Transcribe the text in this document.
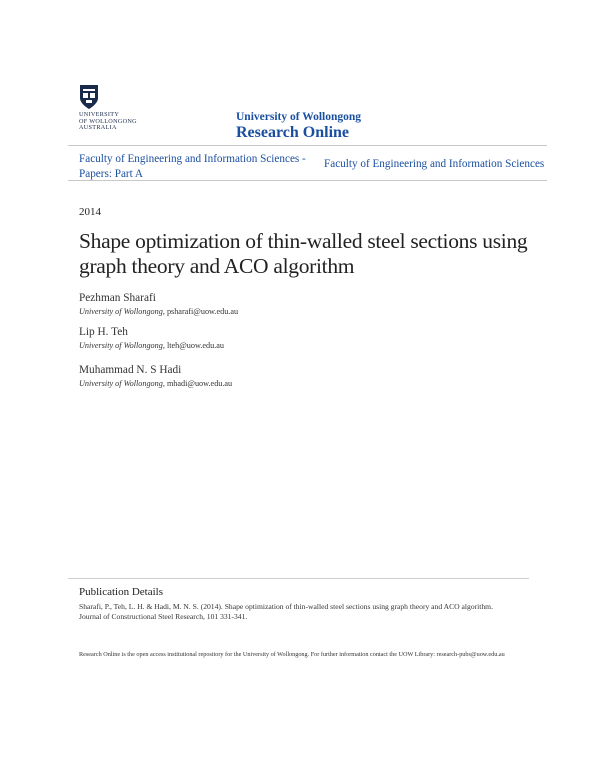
UNIVERSITY
OF WOLLONGONG
AUSTRALIA
University of Wollongong
Research Online
Faculty of Engineering and Information Sciences - Papers: Part A
Faculty of Engineering and Information Sciences
2014
Shape optimization of thin-walled steel sections using graph theory and ACO algorithm
Pezhman Sharafi
University of Wollongong, psharafi@uow.edu.au
Lip H. Teh
University of Wollongong, lteh@uow.edu.au
Muhammad N. S Hadi
University of Wollongong, mhadi@uow.edu.au
Publication Details
Sharafi, P., Teh, L. H. & Hadi, M. N. S. (2014). Shape optimization of thin-walled steel sections using graph theory and ACO algorithm. Journal of Constructional Steel Research, 101 331-341.
Research Online is the open access institutional repository for the University of Wollongong. For further information contact the UOW Library: research-pubs@uow.edu.au
